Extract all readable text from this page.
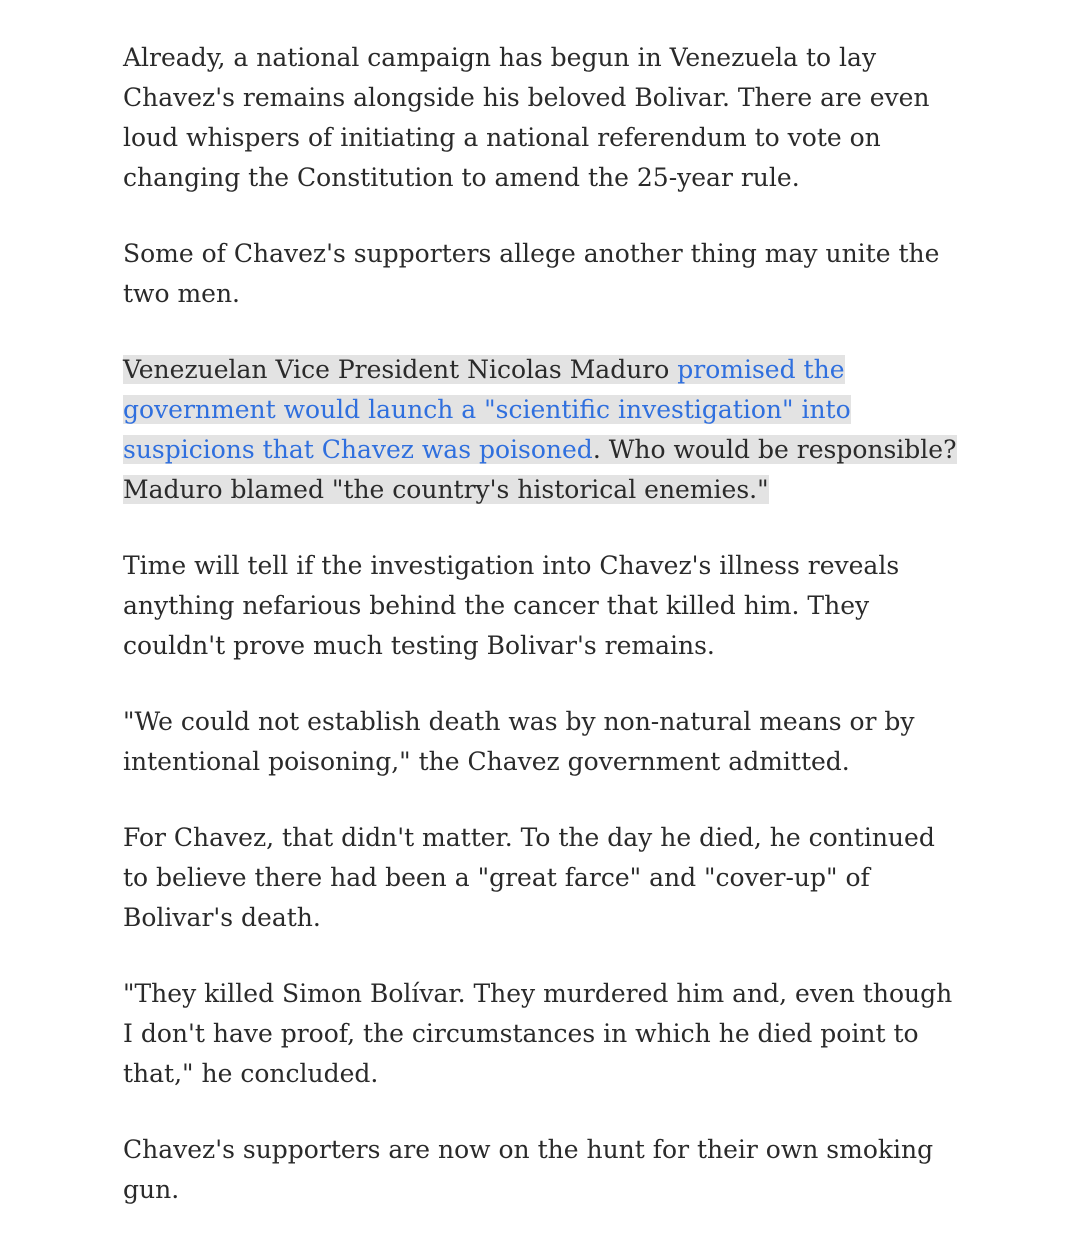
Already, a national campaign has begun in Venezuela to lay Chavez's remains alongside his beloved Bolivar. There are even loud whispers of initiating a national referendum to vote on changing the Constitution to amend the 25-year rule.

Some of Chavez's supporters allege another thing may unite the two men.

Venezuelan Vice President Nicolas Maduro promised the government would launch a "scientific investigation" into suspicions that Chavez was poisoned. Who would be responsible? Maduro blamed "the country's historical enemies."

Time will tell if the investigation into Chavez's illness reveals anything nefarious behind the cancer that killed him. They couldn't prove much testing Bolivar's remains.

"We could not establish death was by non-natural means or by intentional poisoning," the Chavez government admitted.

For Chavez, that didn't matter. To the day he died, he continued to believe there had been a "great farce" and "cover-up" of Bolivar's death.

"They killed Simon Bolívar. They murdered him and, even though I don't have proof, the circumstances in which he died point to that," he concluded.

Chavez's supporters are now on the hunt for their own smoking gun.
